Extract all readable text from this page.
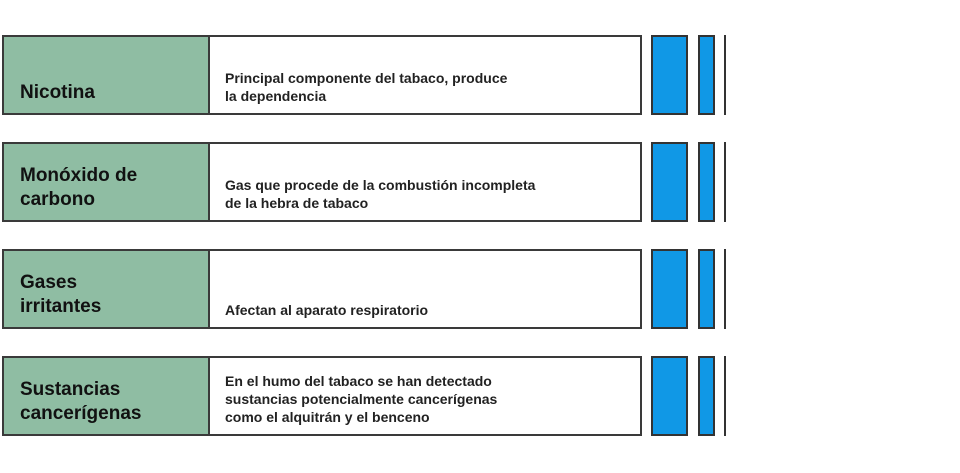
Nicotina
Principal componente del tabaco, produce
la dependencia
Monóxido de
carbono
Gas que procede de la combustión incompleta
de la hebra de tabaco
Gases
irritantes	Afectan al aparato respiratorio
Sustancias
cancerígenas
En el humo del tabaco se han detectado
sustancias potencialmente cancerígenas
como el alquitrán y el benceno
